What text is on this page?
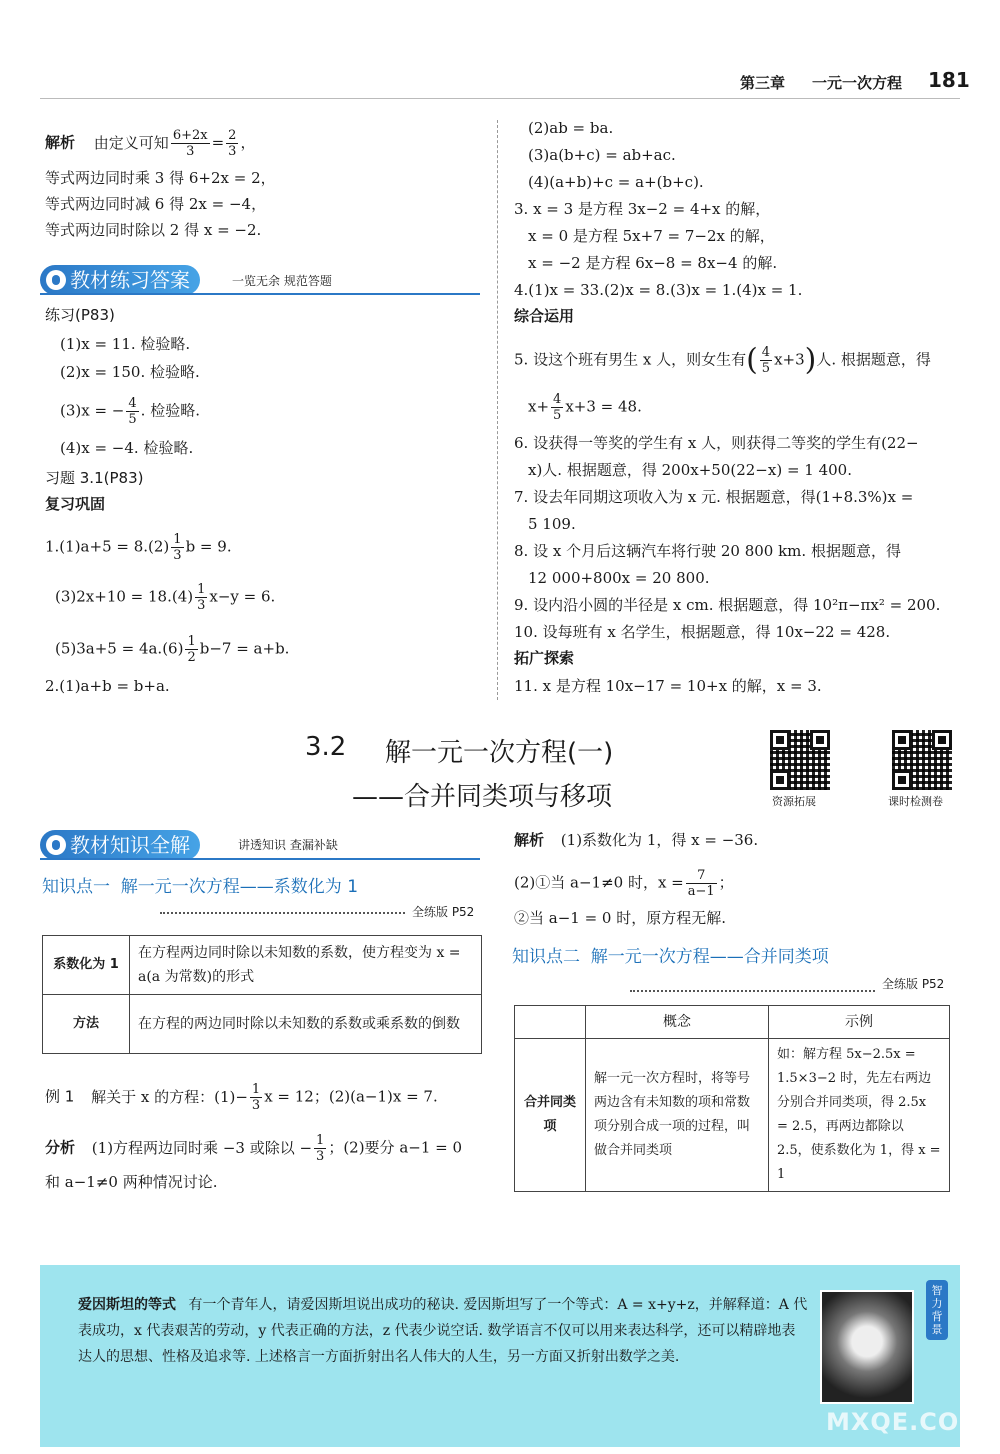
第三章 一元一次方程 181
解析 由定义可知 $\frac{6+2x}{3} = \frac{2}{3}$ ，
等式两边同时乘 3 得 6+2x = 2，
等式两边同时减 6 得 2x = −4，
等式两边同时除以 2 得 x = −2.
教材练习答案	一览无余 规范答题
练习(P83)
(1)x = 11. 检验略.
(2)x = 150. 检验略.
(3)x = − $\frac{4}{5}$ . 检验略.
(4)x = −4. 检验略.
习题 3.1(P83)
复习巩固
$1.(1)a+5 = 8.(2) \frac{1}{3}$ b = 9.
$(3)2x+10 = 18.(4) \frac{1}{3} x-y = 6$.
$(5)3a+5 = 4a.(6) \frac{1}{2} b-7 = a+b$.
2.(1)a+b = b+a.
(2)ab = ba.
(3)a(b+c) = ab+ac.
(4)(a+b)+c = a+(b+c).
3. x = 3 是方程 3x−2 = 4+x 的解，
x = 0 是方程 5x+7 = 7−2x 的解，
x = −2 是方程 6x−8 = 8x−4 的解.
4.(1)x = 33.(2)x = 8.(3)x = 1.(4)x = 1.
综合运用
5. 设这个班有男生 x 人，则女生有( $\frac{4}{5} x+3$)人. 根据题意，得
$x+ \frac{4}{5} x+3 = 48$.
6. 设获得一等奖的学生有 x 人，则获得二等奖的学生有(22−
x)人. 根据题意，得 200x+50(22−x) = 1 400.
7. 设去年同期这项收入为 x 元. 根据题意，得(1+8.3%)x =
5 109.
8. 设 x 个月后这辆汽车将行驶 20 800 km. 根据题意，得
12 000+800x = 20 800.
9. 设内沿小圆的半径是 x cm. 根据题意，得 10²π−πx² = 200.
10. 设每班有 x 名学生，根据题意，得 10x−22 = 428.
拓广探索
11. x 是方程 10x−17 = 10+x 的解，x = 3.
3.2 解一元一次方程(一)
——合并同类项与移项	资源拓展	课时检测卷
教材知识全解	讲透知识 查漏补缺
知识点一  解一元一次方程——系数化为 1
全练版 P52
系数化为 1	在方程两边同时除以未知数的系数，使方程变为 x = a(a 为常数)的形式
方法	在方程的两边同时除以未知数的系数或乘系数的倒数
例 1 解关于 x 的方程：$(1)- \frac{1}{3}$ x = 12；(2)(a−1)x = 7.
分析 (1)方程两边同时乘 −3 或除以 − $\frac{1}{3}$ ；(2)要分 a−1 = 0
和 a−1≠0 两种情况讨论.
解析 (1)系数化为 1，得 x = −36.
(2)①当 a−1≠0 时，$x = \frac{7}{a-1}$ ；
②当 a−1 = 0 时，原方程无解.
知识点二  解一元一次方程——合并同类项
全练版 P52
	概念	示例
合并同类项	解一元一次方程时，将等号两边含有未知数的项和常数项分别合成一项的过程，叫做合并同类项	如：解方程 5x−2.5x = 1.5×3−2 时，先左右两边分别合并同类项，得 2.5x = 2.5，再两边都除以 2.5，使系数化为 1，得 x = 1
爱因斯坦的等式 有一个青年人，请爱因斯坦说出成功的秘诀. 爱因斯坦写了一个等式：A = x+y+z，并解释道：A 代表成功，x 代表艰苦的劳动，y 代表正确的方法，z 代表少说空话. 数学语言不仅可以用来表达科学，还可以精辟地表达人的思想、性格及追求等. 上述格言一方面折射出名人伟大的人生，另一方面又折射出数学之美.
智力背景
MXQE.COM
